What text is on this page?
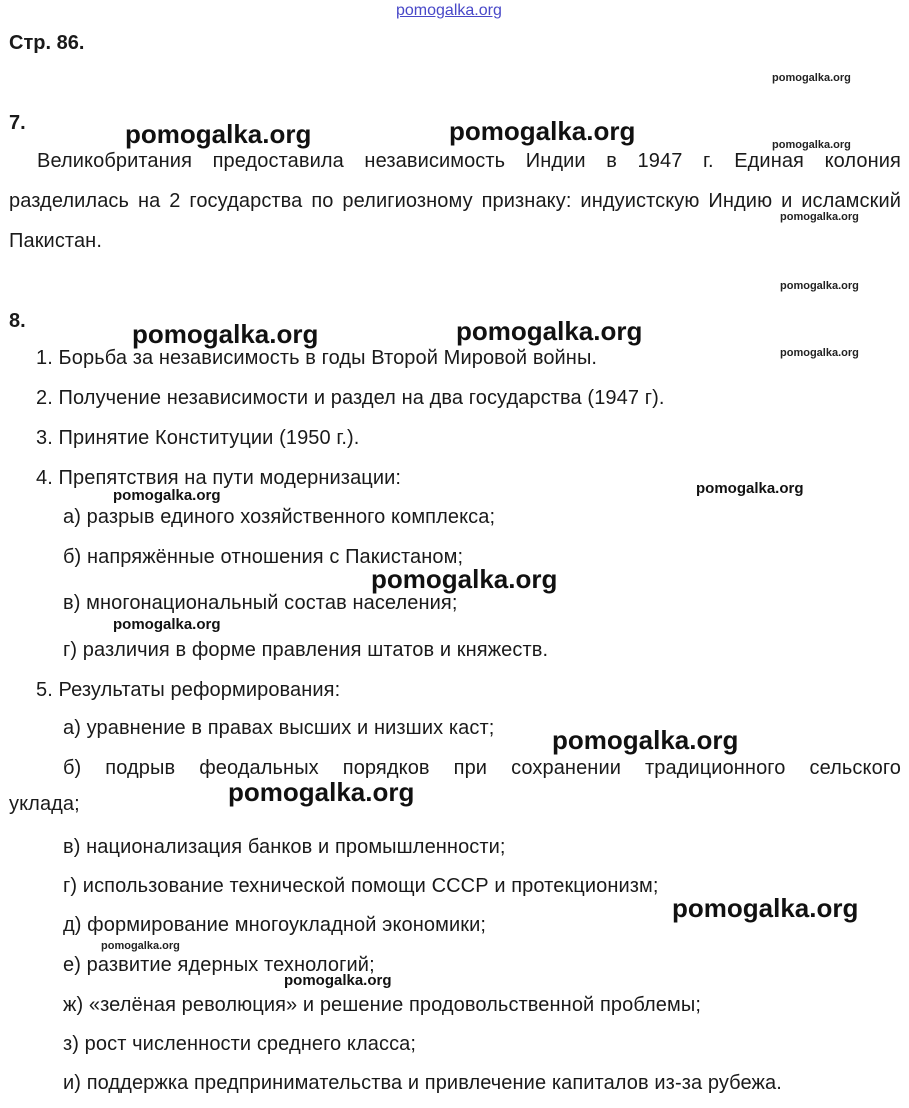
pomogalka.org
Стр. 86.
7.
Великобритания предоставила независимость Индии в 1947 г. Единая колония разделилась на 2 государства по религиозному признаку: индуистскую Индию и исламский Пакистан.
8.
1. Борьба за независимость в годы Второй Мировой войны.
2. Получение независимости и раздел на два государства (1947 г).
3. Принятие Конституции (1950 г.).
4. Препятствия на пути модернизации:
а) разрыв единого хозяйственного комплекса;
б) напряжённые отношения с Пакистаном;
в) многонациональный состав населения;
г) различия в форме правления штатов и княжеств.
5. Результаты реформирования:
а) уравнение в правах высших и низших каст;
б) подрыв феодальных порядков при сохранении традиционного сельского
уклада;
в) национализация банков и промышленности;
г) использование технической помощи СССР и протекционизм;
д) формирование многоукладной экономики;
е) развитие ядерных технологий;
ж) «зелёная революция» и решение продовольственной проблемы;
з) рост численности среднего класса;
и) поддержка предпринимательства и привлечение капиталов из-за рубежа.
pomogalka.org	pomogalka.org
pomogalka.org	pomogalka.org
pomogalka.org
pomogalka.org
pomogalka.org
pomogalka.org
pomogalka.org	pomogalka.org
pomogalka.org
pomogalka.org
pomogalka.org
pomogalka.org
pomogalka.org
pomogalka.org
pomogalka.org
pomogalka.org
